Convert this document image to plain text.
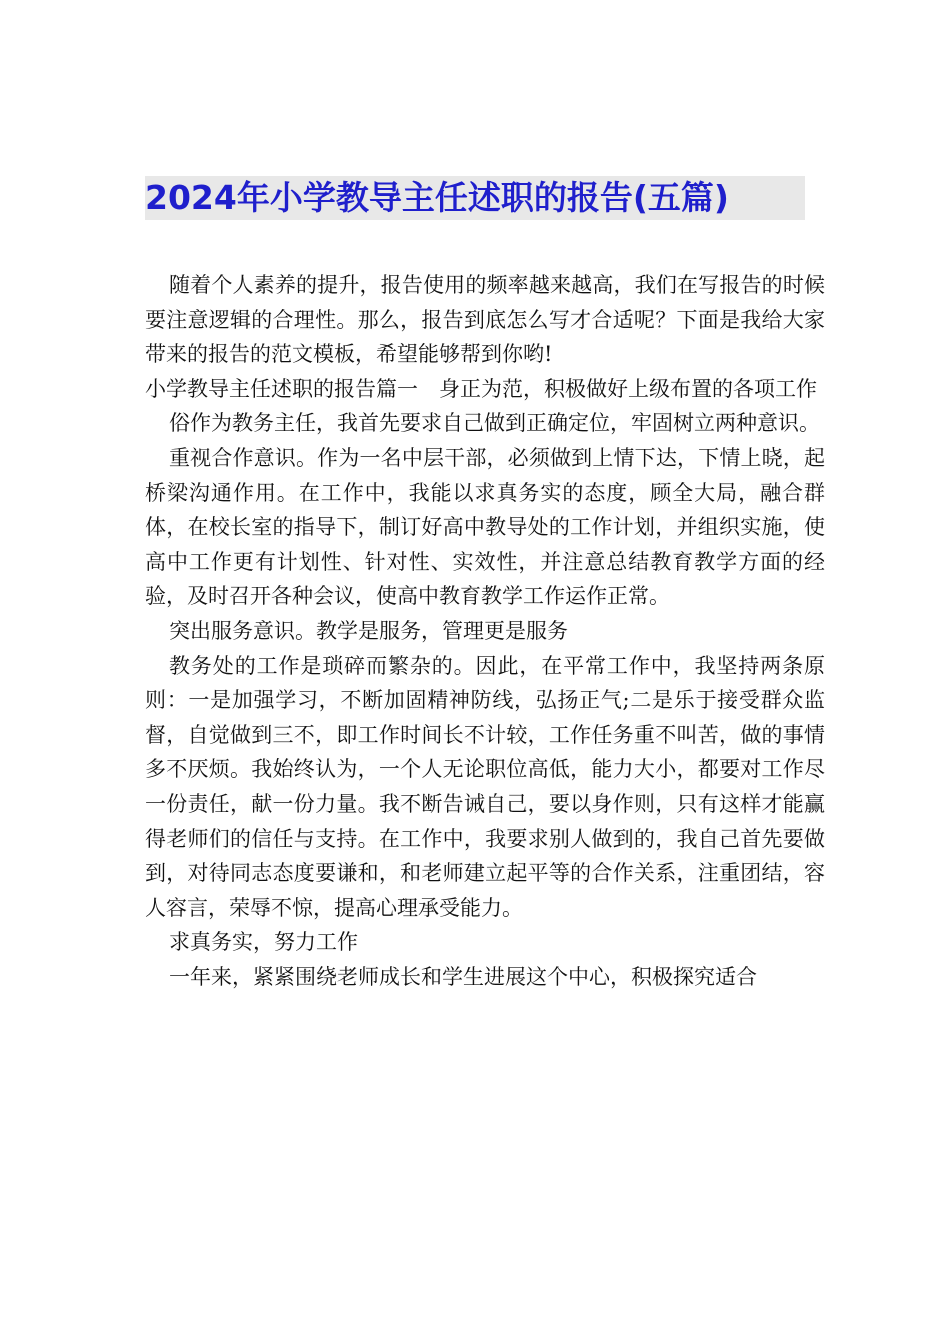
2024年小学教导主任述职的报告(五篇)

随着个人素养的提升，报告使用的频率越来越高，我们在写报告的时候要注意逻辑的合理性。那么，报告到底怎么写才合适呢？下面是我给大家带来的报告的范文模板，希望能够帮到你哟!

小学教导主任述职的报告篇一　身正为范，积极做好上级布置的各项工作

俗作为教务主任，我首先要求自己做到正确定位，牢固树立两种意识。

重视合作意识。作为一名中层干部，必须做到上情下达，下情上晓，起桥梁沟通作用。在工作中，我能以求真务实的态度，顾全大局，融合群体，在校长室的指导下，制订好高中教导处的工作计划，并组织实施，使高中工作更有计划性、针对性、实效性，并注意总结教育教学方面的经验，及时召开各种会议，使高中教育教学工作运作正常。

突出服务意识。教学是服务，管理更是服务

教务处的工作是琐碎而繁杂的。因此，在平常工作中，我坚持两条原则：一是加强学习，不断加固精神防线，弘扬正气;二是乐于接受群众监督，自觉做到三不，即工作时间长不计较，工作任务重不叫苦，做的事情多不厌烦。我始终认为，一个人无论职位高低，能力大小，都要对工作尽一份责任，献一份力量。我不断告诫自己，要以身作则，只有这样才能赢得老师们的信任与支持。在工作中，我要求别人做到的，我自己首先要做到，对待同志态度要谦和，和老师建立起平等的合作关系，注重团结，容人容言，荣辱不惊，提高心理承受能力。

求真务实，努力工作

一年来，紧紧围绕老师成长和学生进展这个中心，积极探究适合
